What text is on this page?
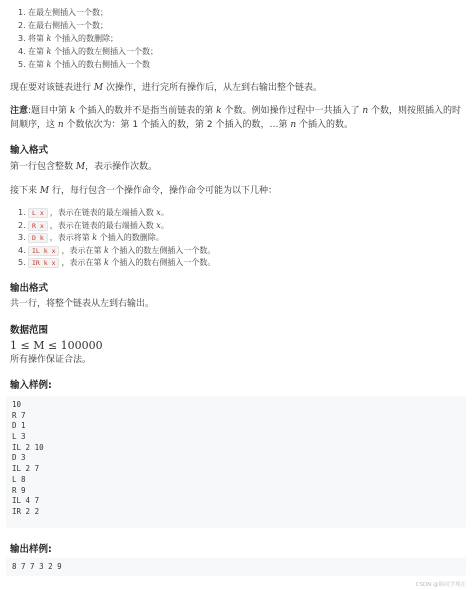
1. 在最左侧插入一个数；
2. 在最右侧插入一个数；
3. 将第 k 个插入的数删除；
4. 在第 k 个插入的数左侧插入一个数；
5. 在第 k 个插入的数右侧插入一个数

现在要对该链表进行 M 次操作，进行完所有操作后，从左到右输出整个链表。

注意:题目中第 k 个插入的数并不是指当前链表的第 k 个数。例如操作过程中一共插入了 n 个数，则按照插入的时间顺序，这 n 个数依次为：第 1 个插入的数，第 2 个插入的数，…第 n 个插入的数。

输入格式

第一行包含整数 M，表示操作次数。

接下来 M 行，每行包含一个操作命令，操作命令可能为以下几种：

1. L x ，表示在链表的最左端插入数 x。
2. R x ，表示在链表的最右端插入数 x。
3. D k ，表示将第 k 个插入的数删除。
4. IL k x ，表示在第 k 个插入的数左侧插入一个数。
5. IR k x ，表示在第 k 个插入的数右侧插入一个数。
输出格式

共一行，将整个链表从左到右输出。

数据范围

1 ≤ M ≤ 100000

所有操作保证合法。

输入样例:
10
R 7
D 1
L 3
IL 2 10
D 3
IL 2 7
L 8
R 9
IL 4 7
IR 2 2
输出样例:
8 7 7 3 2 9
CSDN @陈同学现在
